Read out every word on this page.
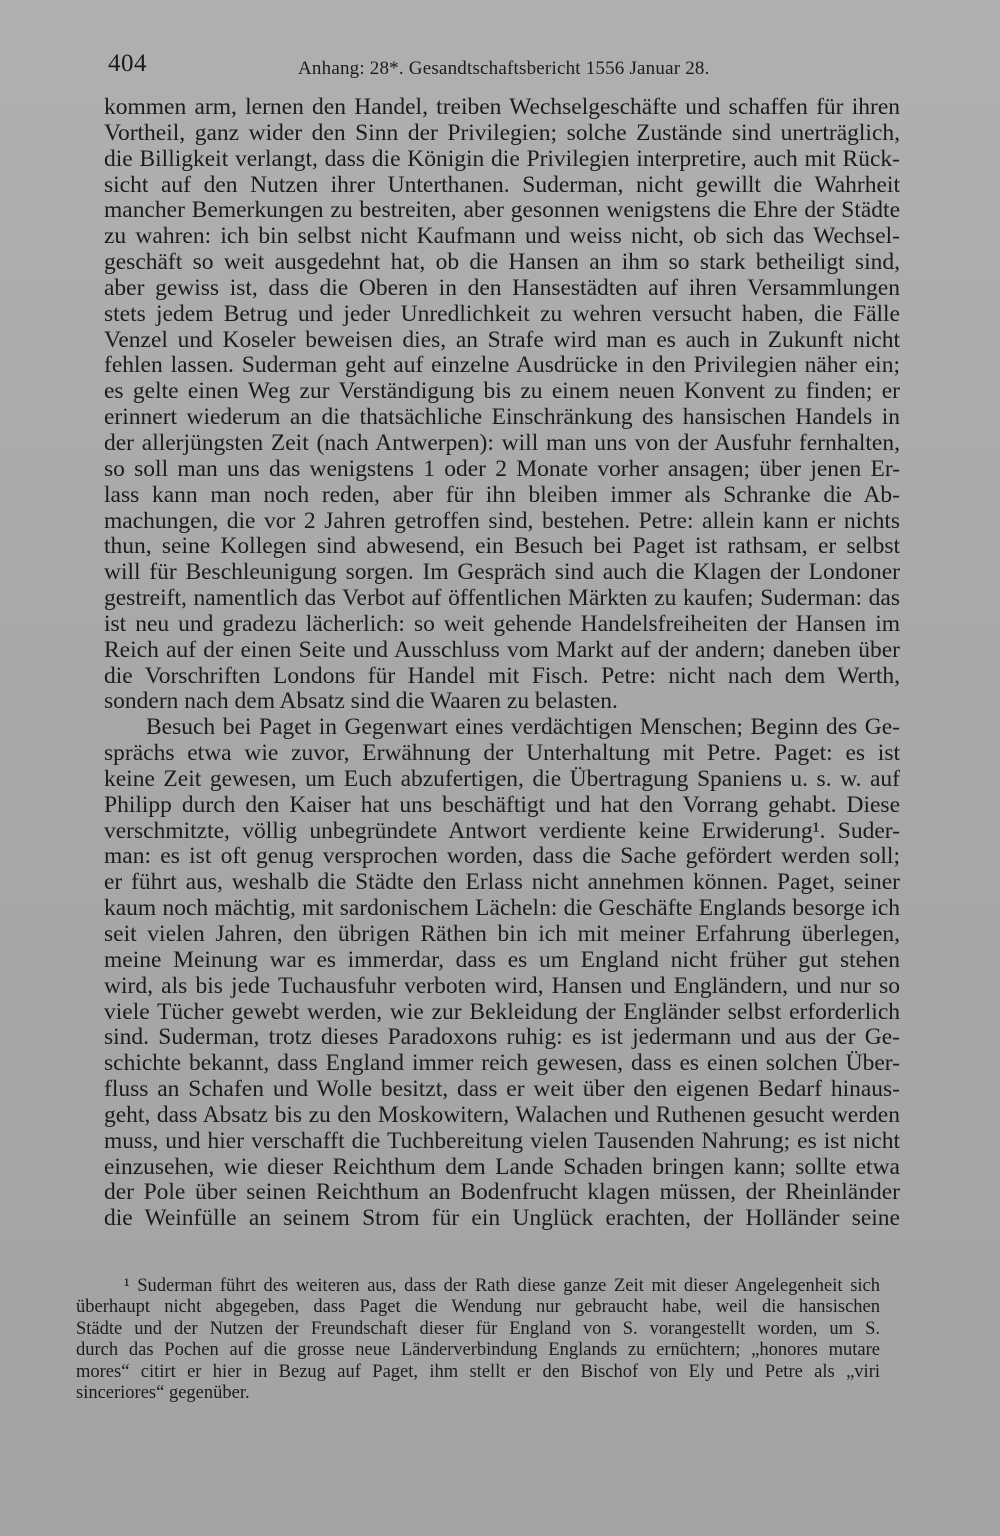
404	Anhang: 28*. Gesandtschaftsbericht 1556 Januar 28.
kommen arm, lernen den Handel, treiben Wechselgeschäfte und schaffen für ihren
Vortheil, ganz wider den Sinn der Privilegien; solche Zustände sind unerträglich,
die Billigkeit verlangt, dass die Königin die Privilegien interpretire, auch mit Rück-
sicht auf den Nutzen ihrer Unterthanen. Suderman, nicht gewillt die Wahrheit
mancher Bemerkungen zu bestreiten, aber gesonnen wenigstens die Ehre der Städte
zu wahren: ich bin selbst nicht Kaufmann und weiss nicht, ob sich das Wechsel-
geschäft so weit ausgedehnt hat, ob die Hansen an ihm so stark betheiligt sind,
aber gewiss ist, dass die Oberen in den Hansestädten auf ihren Versammlungen
stets jedem Betrug und jeder Unredlichkeit zu wehren versucht haben, die Fälle
Venzel und Koseler beweisen dies, an Strafe wird man es auch in Zukunft nicht
fehlen lassen. Suderman geht auf einzelne Ausdrücke in den Privilegien näher ein;
es gelte einen Weg zur Verständigung bis zu einem neuen Konvent zu finden; er
erinnert wiederum an die thatsächliche Einschränkung des hansischen Handels in
der allerjüngsten Zeit (nach Antwerpen): will man uns von der Ausfuhr fernhalten,
so soll man uns das wenigstens 1 oder 2 Monate vorher ansagen; über jenen Er-
lass kann man noch reden, aber für ihn bleiben immer als Schranke die Ab-
machungen, die vor 2 Jahren getroffen sind, bestehen. Petre: allein kann er nichts
thun, seine Kollegen sind abwesend, ein Besuch bei Paget ist rathsam, er selbst
will für Beschleunigung sorgen. Im Gespräch sind auch die Klagen der Londoner
gestreift, namentlich das Verbot auf öffentlichen Märkten zu kaufen; Suderman: das
ist neu und gradezu lächerlich: so weit gehende Handelsfreiheiten der Hansen im
Reich auf der einen Seite und Ausschluss vom Markt auf der andern; daneben über
die Vorschriften Londons für Handel mit Fisch. Petre: nicht nach dem Werth,
sondern nach dem Absatz sind die Waaren zu belasten.
Besuch bei Paget in Gegenwart eines verdächtigen Menschen; Beginn des Ge-
sprächs etwa wie zuvor, Erwähnung der Unterhaltung mit Petre. Paget: es ist
keine Zeit gewesen, um Euch abzufertigen, die Übertragung Spaniens u. s. w. auf
Philipp durch den Kaiser hat uns beschäftigt und hat den Vorrang gehabt. Diese
verschmitzte, völlig unbegründete Antwort verdiente keine Erwiderung¹. Suder-
man: es ist oft genug versprochen worden, dass die Sache gefördert werden soll;
er führt aus, weshalb die Städte den Erlass nicht annehmen können. Paget, seiner
kaum noch mächtig, mit sardonischem Lächeln: die Geschäfte Englands besorge ich
seit vielen Jahren, den übrigen Räthen bin ich mit meiner Erfahrung überlegen,
meine Meinung war es immerdar, dass es um England nicht früher gut stehen
wird, als bis jede Tuchausfuhr verboten wird, Hansen und Engländern, und nur so
viele Tücher gewebt werden, wie zur Bekleidung der Engländer selbst erforderlich
sind. Suderman, trotz dieses Paradoxons ruhig: es ist jedermann und aus der Ge-
schichte bekannt, dass England immer reich gewesen, dass es einen solchen Über-
fluss an Schafen und Wolle besitzt, dass er weit über den eigenen Bedarf hinaus-
geht, dass Absatz bis zu den Moskowitern, Walachen und Ruthenen gesucht werden
muss, und hier verschafft die Tuchbereitung vielen Tausenden Nahrung; es ist nicht
einzusehen, wie dieser Reichthum dem Lande Schaden bringen kann; sollte etwa
der Pole über seinen Reichthum an Bodenfrucht klagen müssen, der Rheinländer
die Weinfülle an seinem Strom für ein Unglück erachten, der Holländer seine
¹ Suderman führt des weiteren aus, dass der Rath diese ganze Zeit mit dieser Angelegenheit sich
überhaupt nicht abgegeben, dass Paget die Wendung nur gebraucht habe, weil die hansischen
Städte und der Nutzen der Freundschaft dieser für England von S. vorangestellt worden, um S.
durch das Pochen auf die grosse neue Länderverbindung Englands zu ernüchtern; „honores mutare
mores“ citirt er hier in Bezug auf Paget, ihm stellt er den Bischof von Ely und Petre als „viri
sinceriores“ gegenüber.
